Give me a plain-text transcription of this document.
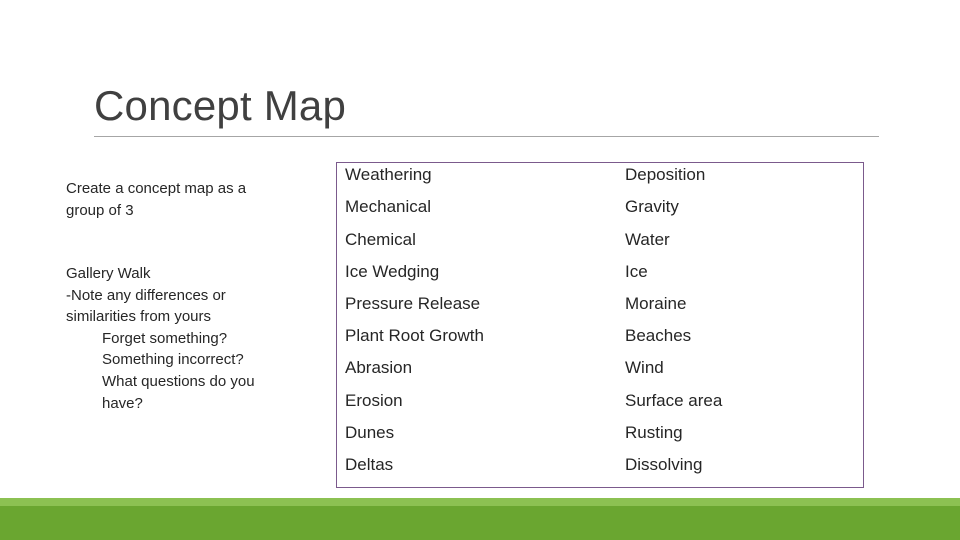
Concept Map
Create a concept map as a
group of 3
Gallery Walk
-Note any differences or
similarities from yours
Forget something?
Something incorrect?
What questions do you
have?
Weathering	Deposition
Mechanical	Gravity
Chemical	Water
Ice Wedging	Ice
Pressure Release	Moraine
Plant Root Growth	Beaches
Abrasion	Wind
Erosion	Surface area
Dunes	Rusting
Deltas	Dissolving
